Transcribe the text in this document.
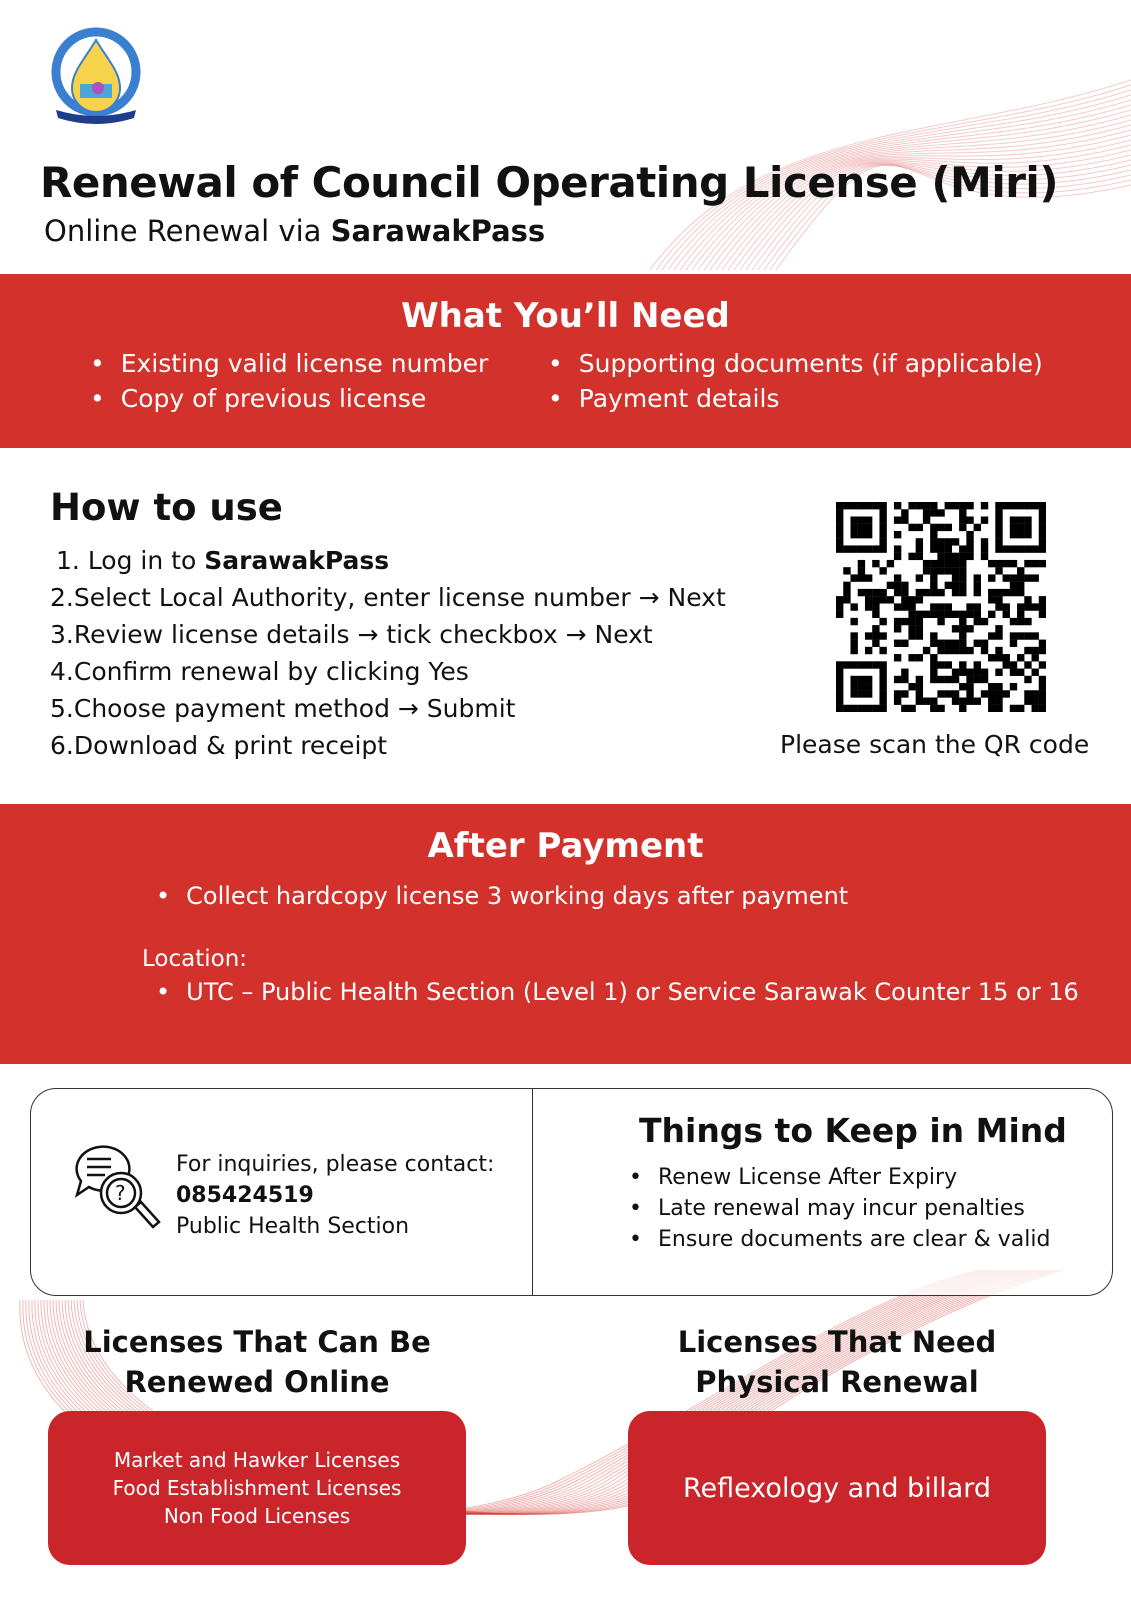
Renewal of Council Operating License (Miri)
Online Renewal via SarawakPass
What You’ll Need
• Existing valid license number
• Copy of previous license
• Supporting documents (if applicable)
• Payment details
How to use
1. Log in to SarawakPass
2.Select Local Authority, enter license number → Next
3.Review license details → tick checkbox → Next
4.Confirm renewal by clicking Yes
5.Choose payment method → Submit
6.Download & print receipt	Please scan the QR code
After Payment
• Collect hardcopy license 3 working days after payment
Location:
• UTC – Public Health Section (Level 1) or Service Sarawak Counter 15 or 16
?
For inquiries, please contact:
085424519
Public Health Section
Things to Keep in Mind
• Renew License After Expiry
• Late renewal may incur penalties
• Ensure documents are clear & valid
Licenses That Can Be
Renewed Online
Market and Hawker Licenses
Food Establishment Licenses
Non Food Licenses
Licenses That Need
Physical Renewal
Reflexology and billard
